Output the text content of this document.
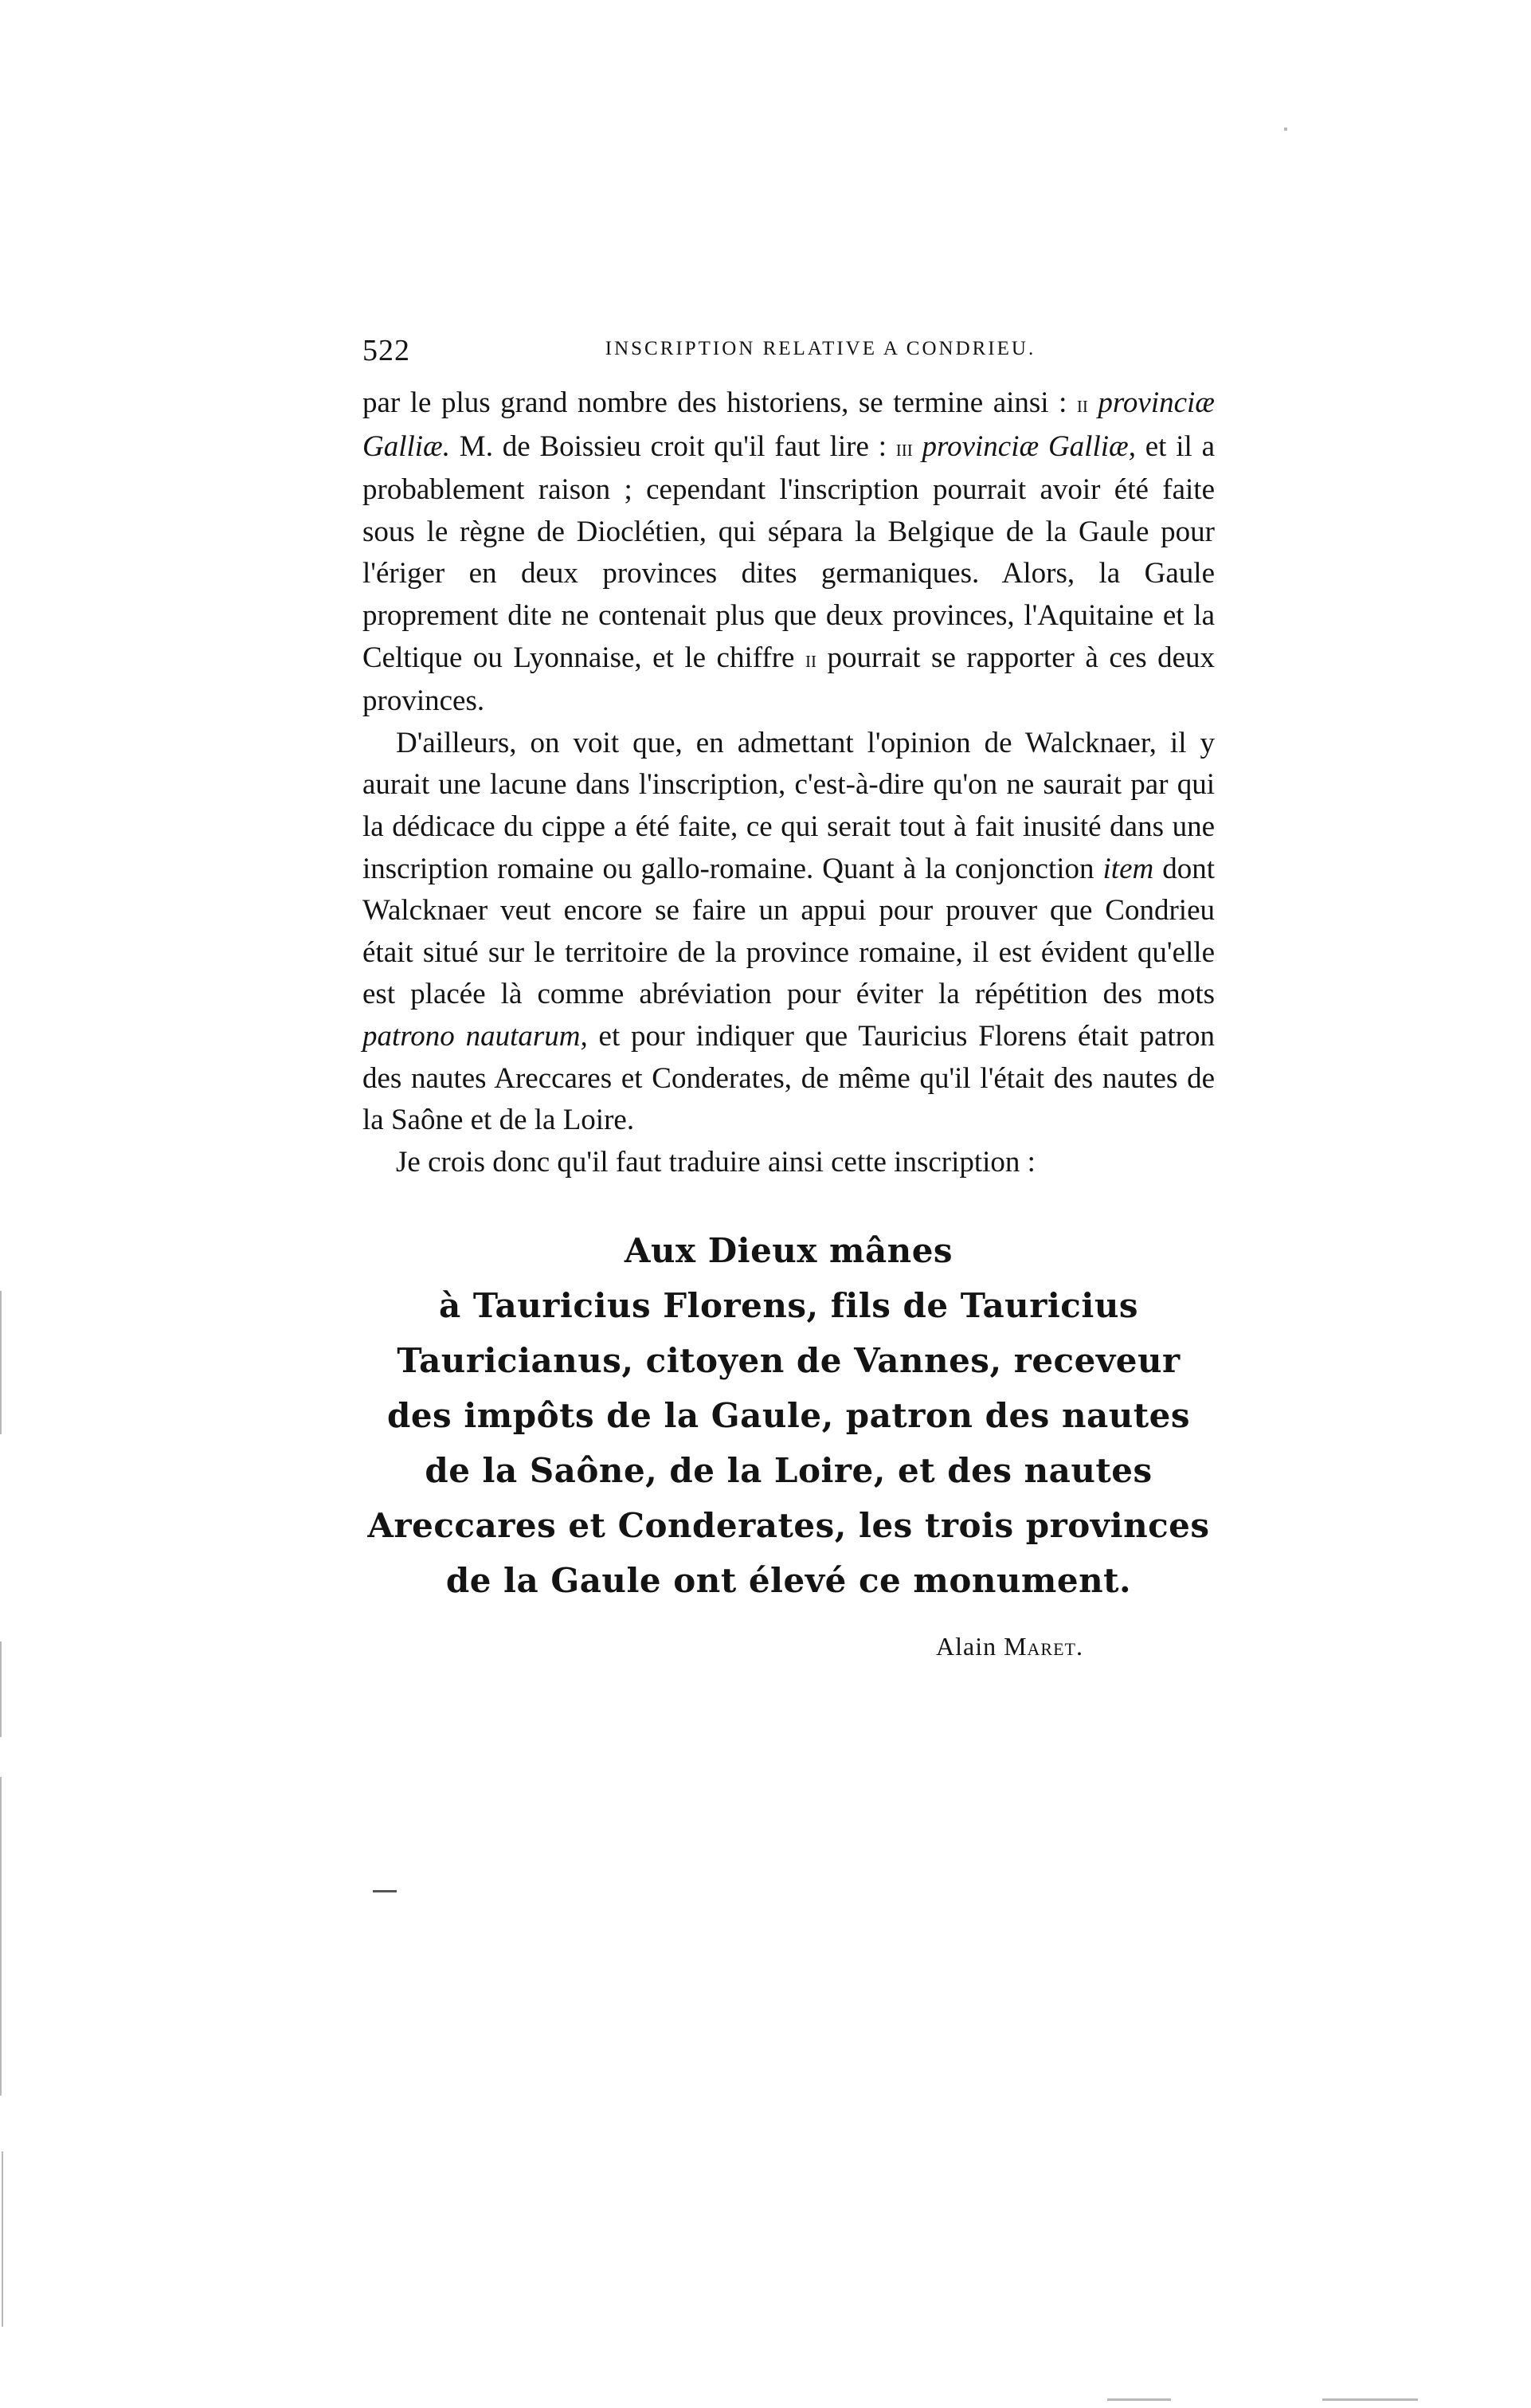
522	INSCRIPTION RELATIVE A CONDRIEU.

par le plus grand nombre des historiens, se termine ainsi : ii provinciæ Galliæ. M. de Boissieu croit qu'il faut lire : iii provinciæ Galliæ, et il a probablement raison ; cependant l'inscription pourrait avoir été faite sous le règne de Dioclétien, qui sépara la Belgique de la Gaule pour l'ériger en deux provinces dites germaniques. Alors, la Gaule proprement dite ne contenait plus que deux provinces, l'Aquitaine et la Celtique ou Lyonnaise, et le chiffre ii pourrait se rapporter à ces deux provinces.

D'ailleurs, on voit que, en admettant l'opinion de Walcknaer, il y aurait une lacune dans l'inscription, c'est-à-dire qu'on ne saurait par qui la dédicace du cippe a été faite, ce qui serait tout à fait inusité dans une inscription romaine ou gallo-romaine. Quant à la conjonction item dont Walcknaer veut encore se faire un appui pour prouver que Condrieu était situé sur le territoire de la province romaine, il est évident qu'elle est placée là comme abréviation pour éviter la répétition des mots patrono nautarum, et pour indiquer que Tauricius Florens était patron des nautes Areccares et Conderates, de même qu'il l'était des nautes de la Saône et de la Loire.

Je crois donc qu'il faut traduire ainsi cette inscription :

Aux Dieux mânes
à Tauricius Florens, fils de Tauricius
Tauricianus, citoyen de Vannes, receveur
des impôts de la Gaule, patron des nautes
de la Saône, de la Loire, et des nautes
Areccares et Conderates, les trois provinces
de la Gaule ont élevé ce monument.
Alain Maret.
